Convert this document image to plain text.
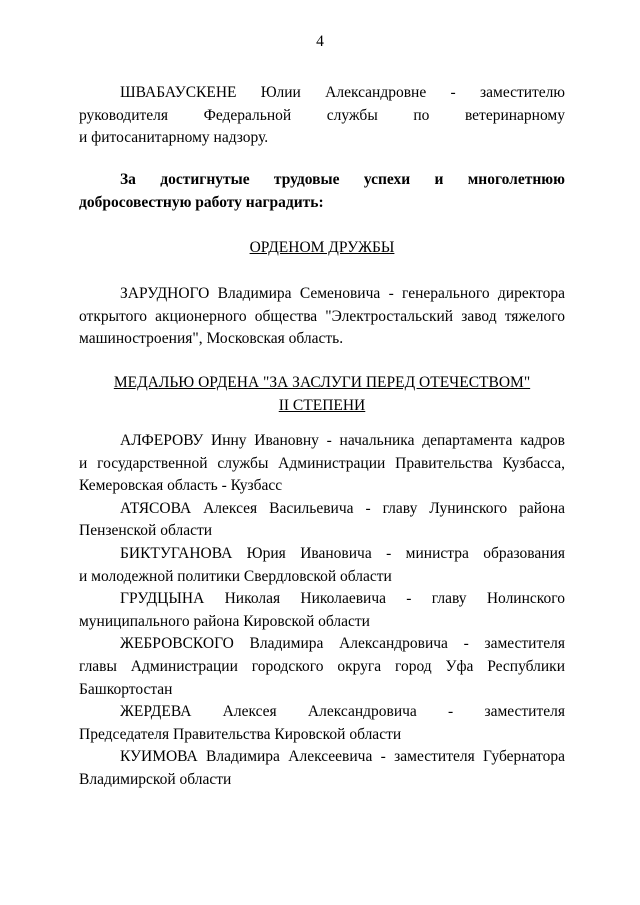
4
ШВАБАУСКЕНЕ Юлии Александровне - заместителю
руководителя Федеральной службы по ветеринарному
и фитосанитарному надзору.
За достигнутые трудовые успехи и многолетнюю
добросовестную работу наградить:
ОРДЕНОМ ДРУЖБЫ
ЗАРУДНОГО Владимира Семеновича - генерального директора
открытого акционерного общества "Электростальский завод тяжелого
машиностроения", Московская область.
МЕДАЛЬЮ ОРДЕНА "ЗА ЗАСЛУГИ ПЕРЕД ОТЕЧЕСТВОМ"
II СТЕПЕНИ
АЛФЕРОВУ Инну Ивановну - начальника департамента кадров
и государственной службы Администрации Правительства Кузбасса,
Кемеровская область - Кузбасс
АТЯСОВА Алексея Васильевича - главу Лунинского района
Пензенской области
БИКТУГАНОВА Юрия Ивановича - министра образования
и молодежной политики Свердловской области
ГРУДЦЫНА Николая Николаевича - главу Нолинского
муниципального района Кировской области
ЖЕБРОВСКОГО Владимира Александровича - заместителя
главы Администрации городского округа город Уфа Республики
Башкортостан
ЖЕРДЕВА Алексея Александровича - заместителя
Председателя Правительства Кировской области
КУИМОВА Владимира Алексеевича - заместителя Губернатора
Владимирской области
